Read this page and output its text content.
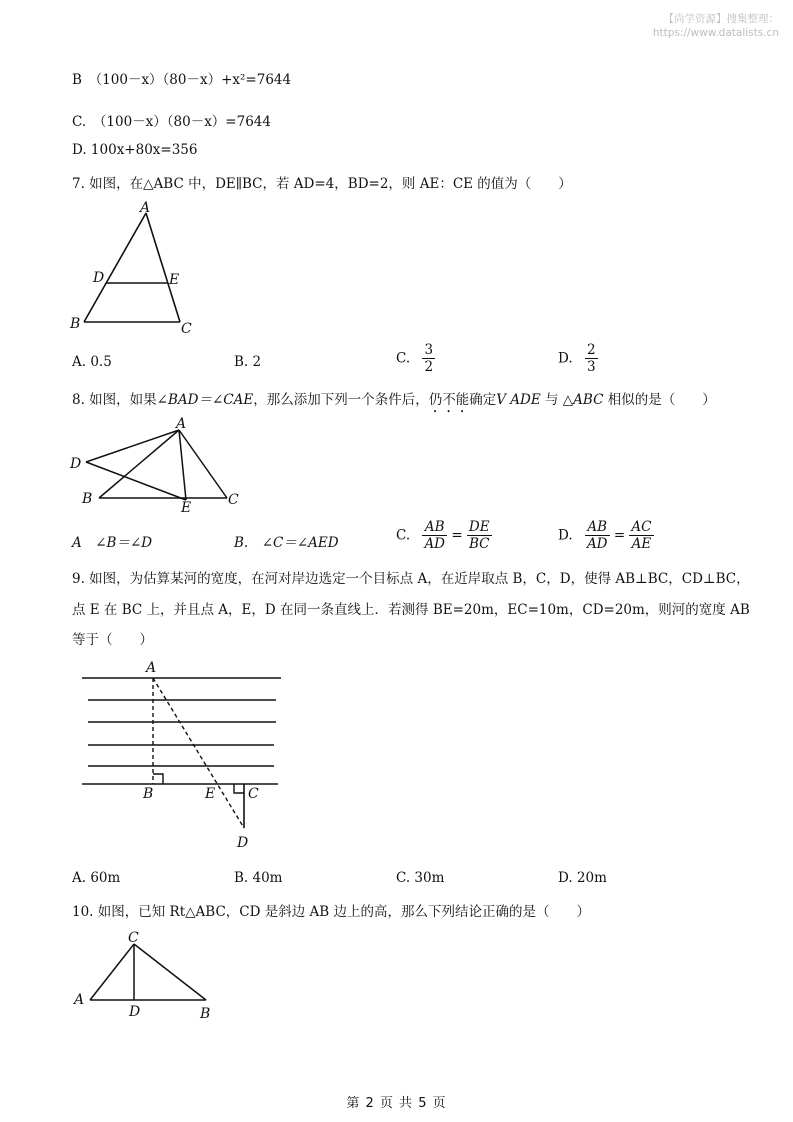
【尚学资源】搜集整理：
https://www.datalists.cn
B　（100－x）（80－x）+x²=7644
C.　（100－x）（80－x）=7644
D. 100x+80x=356
7. 如图，在△ABC 中，DE∥BC，若 AD=4，BD=2，则 AE：CE 的值为（　　）
A
D	E
B	C
A. 0.5	B. 2	C. $\frac{3}{2}$	D. $\frac{2}{3}$
8. 如图，如果∠BAD＝∠CAE，那么添加下列一个条件后，仍不能确定V ADE 与 △ABC 相似的是（　　）
A
D
B
E	C
A　∠B＝∠D	B.　∠C＝∠AED	C. $\frac{AB}{AD} = \frac{DE}{BC}$	D. $\frac{AB}{AD} = \frac{AC}{AE}$
9. 如图，为估算某河的宽度，在河对岸边选定一个目标点 A，在近岸取点 B，C，D，使得 AB⊥BC，CD⊥BC，
点 E 在 BC 上，并且点 A，E，D 在同一条直线上．若测得 BE=20m，EC=10m，CD=20m，则河的宽度 AB
等于（　　）
A
B	E C
D
A. 60m	B. 40m	C. 30m	D. 20m
10. 如图，已知 Rt△ABC，CD 是斜边 AB 边上的高，那么下列结论正确的是（　　）
C
A
D	B
第 2 页 共 5 页
